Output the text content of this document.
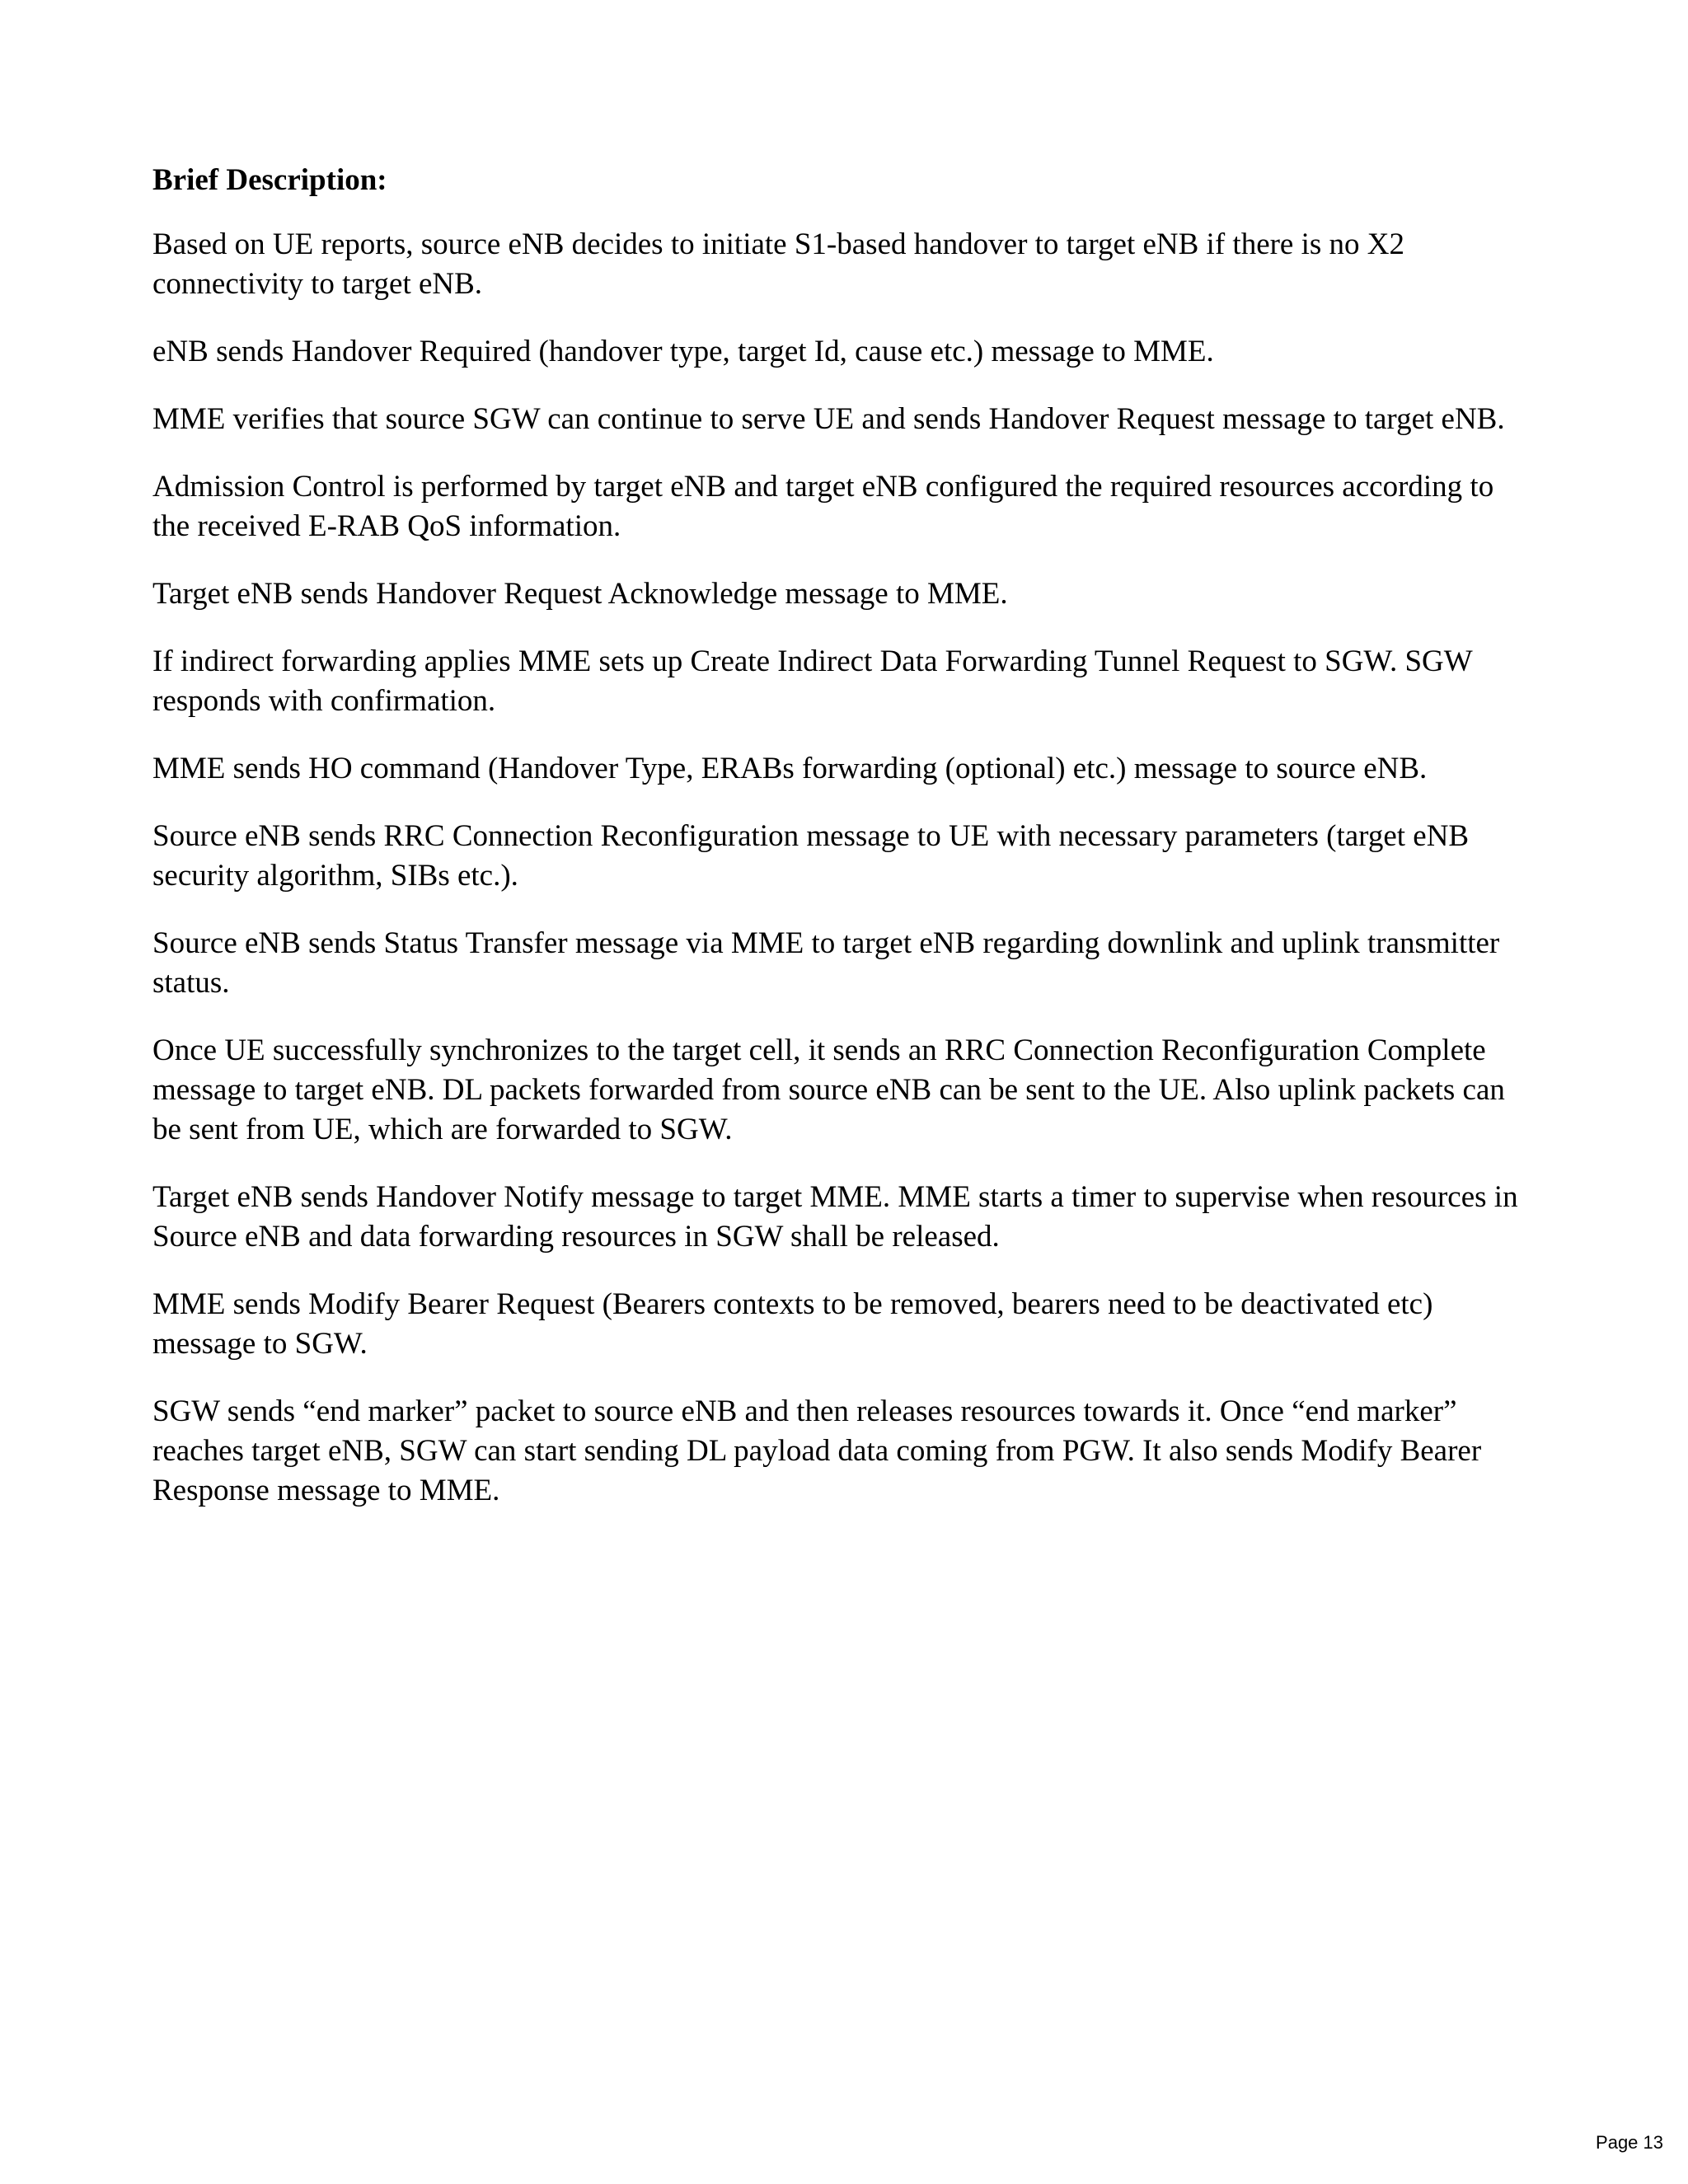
Brief Description:

Based on UE reports, source eNB decides to initiate S1-based handover to target eNB if there is no X2 connectivity to target eNB.

eNB sends Handover Required (handover type, target Id, cause etc.) message to MME.

MME verifies that source SGW can continue to serve UE and sends Handover Request message to target eNB.

Admission Control is performed by target eNB and target eNB configured the required resources according to the received E-RAB QoS information.

Target eNB sends Handover Request Acknowledge message to MME.

If indirect forwarding applies MME sets up Create Indirect Data Forwarding Tunnel Request to SGW. SGW responds with confirmation.

MME sends HO command (Handover Type, ERABs forwarding (optional) etc.) message to source eNB.

Source eNB sends RRC Connection Reconfiguration message to UE with necessary parameters (target eNB security algorithm, SIBs etc.).

Source eNB sends Status Transfer message via MME to target eNB regarding downlink and uplink transmitter status.

Once UE successfully synchronizes to the target cell, it sends an RRC Connection Reconfiguration Complete message to target eNB. DL packets forwarded from source eNB can be sent to the UE. Also uplink packets can be sent from UE, which are forwarded to SGW.

Target eNB sends Handover Notify message to target MME. MME starts a timer to supervise when resources in Source eNB and data forwarding resources in SGW shall be released.

MME sends Modify Bearer Request (Bearers contexts to be removed, bearers need to be deactivated etc) message to SGW.

SGW sends “end marker” packet to source eNB and then releases resources towards it. Once “end marker” reaches target eNB, SGW can start sending DL payload data coming from PGW. It also sends Modify Bearer Response message to MME.

Page 13
